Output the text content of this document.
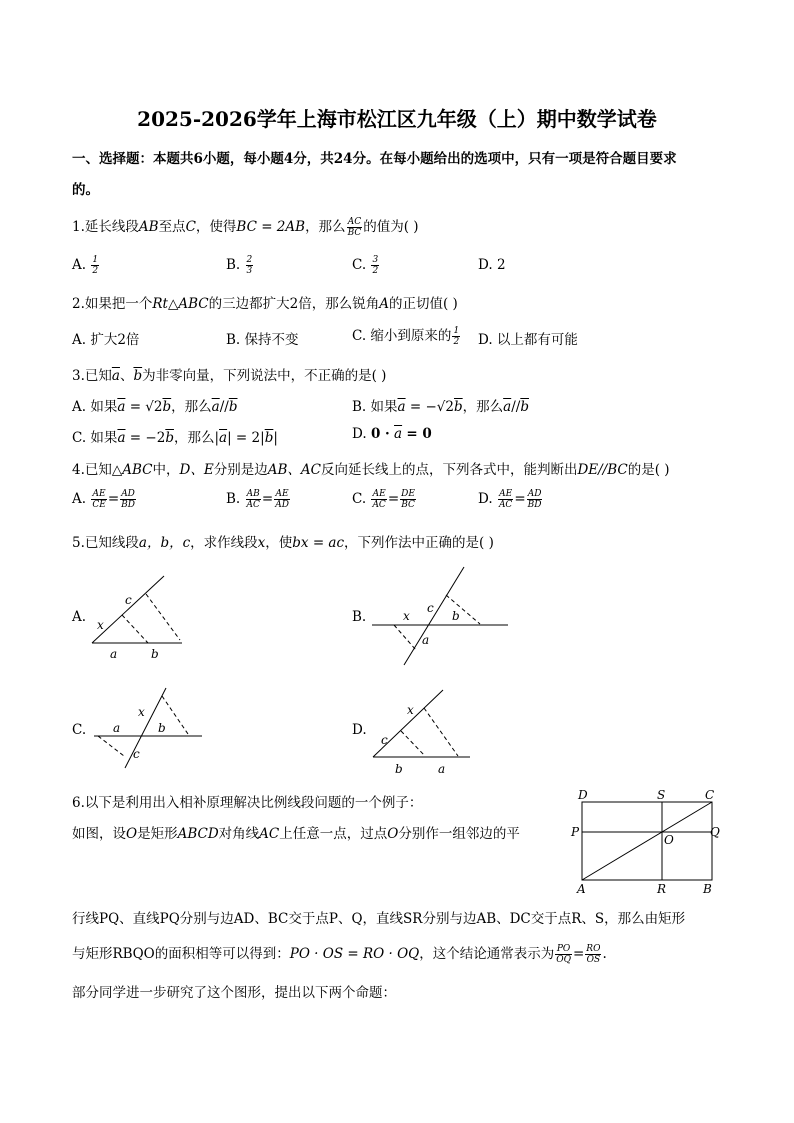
2025-2026学年上海市松江区九年级（上）期中数学试卷
一、选择题：本题共6小题，每小题4分，共24分。在每小题给出的选项中，只有一项是符合题目要求
的。
1.延长线段AB至点C，使得BC = 2AB，那么 $\frac{AC}{BC}$ 的值为( )
A. $\frac{1}{2}$	B. $\frac{2}{3}$	C. $\frac{3}{2}$	D. 2
2.如果把一个Rt△ABC的三边都扩大2倍，那么锐角A的正切值( )
A. 扩大2倍	B. 保持不变	C. 缩小到原来的 $\frac{1}{2} D$. 以上都有可能
3.已知$\overline{a}$、$\overline{b}$为非零向量，下列说法中，不正确的是( )
A. 如果$\overline{a} = √2\overline{b}$，那么$\overline{a}//\overline{b}$	B. 如果$\overline{a} = -√2\overline{b}$，那么$\overline{a}//\overline{b}$
C. 如果$\overline{a} = -2\overline{b}$，那么$|\overline{a}| = 2|\overline{b}|$	D. $0 \cdot \overline{a} = 0$
4.已知△ABC中，D、E分别是边AB、AC反向延长线上的点，下列各式中，能判断出DE//BC的是( )
A. $\frac{AE}{CE} = \frac{AD}{BD}$	B. $\frac{AB}{AC} = \frac{AE}{AD}$	C. $\frac{AE}{AC} = \frac{DE}{BC}$	D. $\frac{AE}{AC} = \frac{AD}{BD}$
5.已知线段a，b，c，求作线段x，使bx = ac，下列作法中正确的是( )
A.	B.
C.	D.
x
c
a	b
x
c
b
a
a	b
x
c
x
c
b	a
6.以下是利用出入相补原理解决比例线段问题的一个例子：
如图，设O是矩形ABCD对角线AC上任意一点，过点O分别作一组邻边的平
D	S	C
P
O
Q
A	R	B
行线PQ、直线PQ分别与边AD、BC交于点P、Q，直线SR分别与边AB、DC交于点R、S，那么由矩形
与矩形RBQO的面积相等可以得到：PO · OS = RO · OQ，这个结论通常表示为 $\frac{PO}{OQ} = \frac{RO}{OS}$ .
部分同学进一步研究了这个图形，提出以下两个命题：
